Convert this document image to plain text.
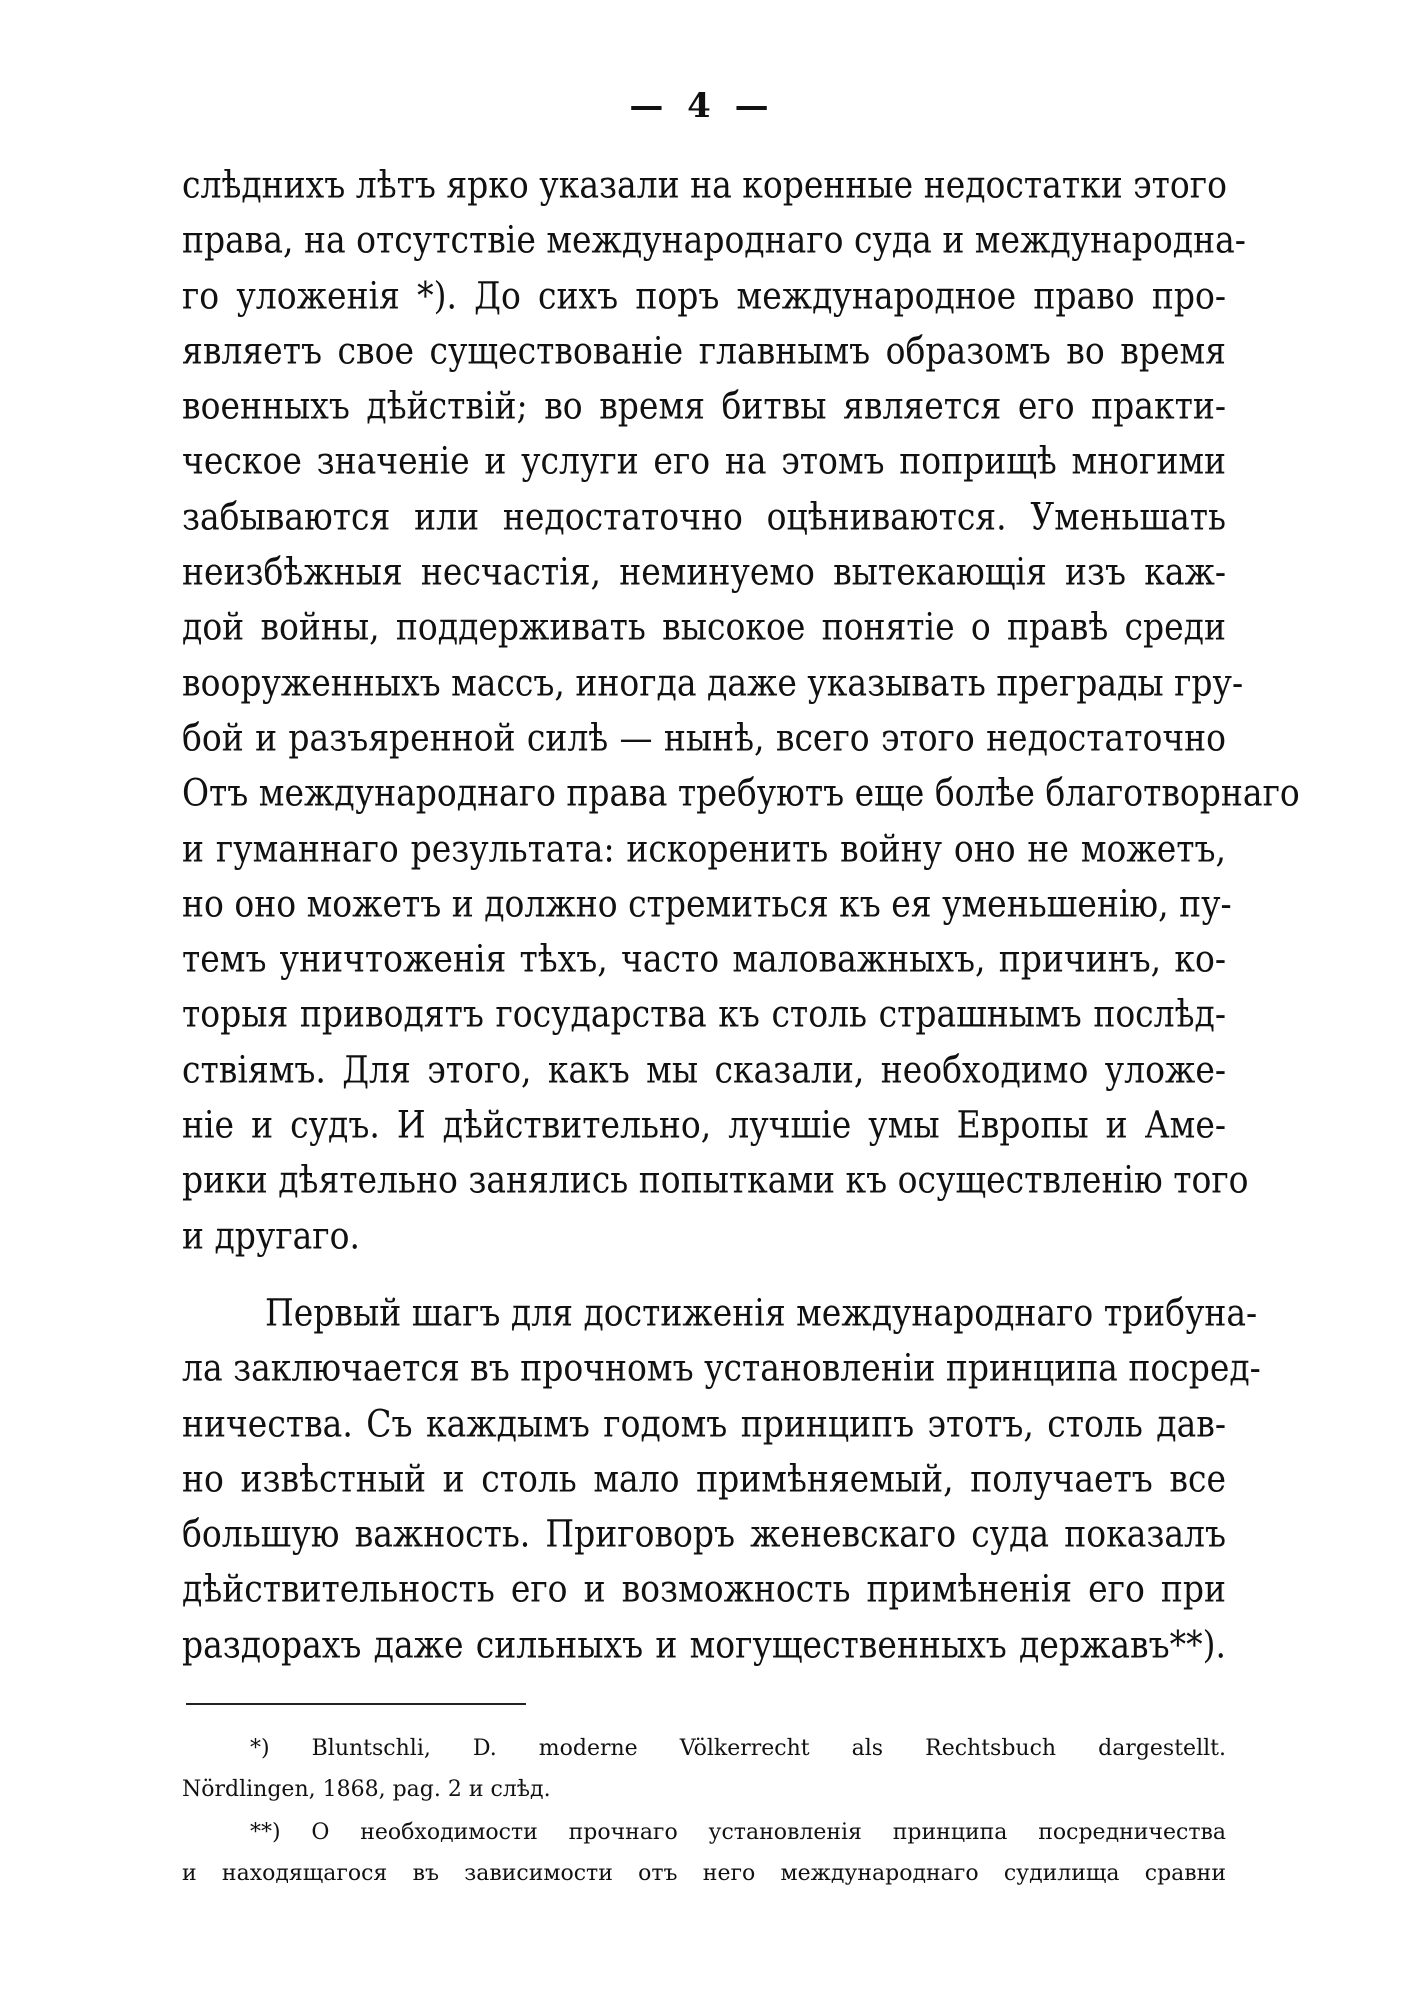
— 4 —
слѣднихъ лѣтъ ярко указали на коренные недостатки этого
права, на отсутствіе международнаго суда и международна-
го уложенія *). До сихъ поръ международное право про-
являетъ свое существованіе главнымъ образомъ во время
военныхъ дѣйствій; во время битвы является его практи-
ческое значеніе и услуги его на этомъ поприщѣ многими
забываются или недостаточно оцѣниваются. Уменьшать
неизбѣжныя несчастія, неминуемо вытекающія изъ каж-
дой войны, поддерживать высокое понятіе о правѣ среди
вооруженныхъ массъ, иногда даже указывать преграды гру-
бой и разъяренной силѣ — нынѣ, всего этого недостаточно
Отъ международнаго права требуютъ еще болѣе благотворнаго
и гуманнаго результата: искоренить войну оно не можетъ,
но оно можетъ и должно стремиться къ ея уменьшенію, пу-
темъ уничтоженія тѣхъ, часто маловажныхъ, причинъ, ко-
торыя приводятъ государства къ столь страшнымъ послѣд-
ствіямъ. Для этого, какъ мы сказали, необходимо уложе-
ніе и судъ. И дѣйствительно, лучшіе умы Европы и Аме-
рики дѣятельно занялись попытками къ осуществленію того
и другаго.
Первый шагъ для достиженія международнаго трибуна-
ла заключается въ прочномъ установленіи принципа посред-
ничества. Съ каждымъ годомъ принципъ этотъ, столь дав-
но извѣстный и столь мало примѣняемый, получаетъ все
большую важность. Приговоръ женевскаго суда показалъ
дѣйствительность его и возможность примѣненія его при
раздорахъ даже сильныхъ и могущественныхъ державъ**).
*) Bluntschli, D. moderne Völkerrecht als Rechtsbuch dargestellt.
Nördlingen, 1868, pag. 2 и слѣд.
**) О необходимости прочнаго установленія принципа посредничества
и находящагося въ зависимости отъ него международнаго судилища сравни
